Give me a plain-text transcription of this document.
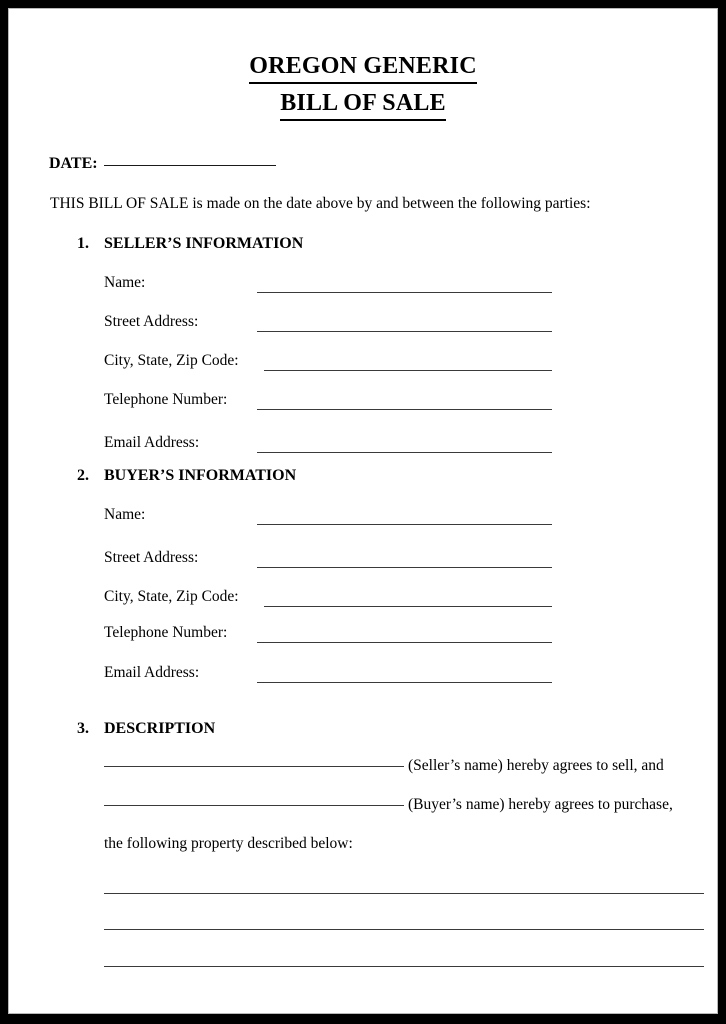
OREGON GENERIC
BILL OF SALE
DATE:
THIS BILL OF SALE is made on the date above by and between the following parties:
1. SELLER’S INFORMATION
Name:
Street Address:
City, State, Zip Code:
Telephone Number:
Email Address:
2. BUYER’S INFORMATION
Name:
Street Address:
City, State, Zip Code:
Telephone Number:
Email Address:
3. DESCRIPTION
(Seller’s name) hereby agrees to sell, and
(Buyer’s name) hereby agrees to purchase,
the following property described below:
